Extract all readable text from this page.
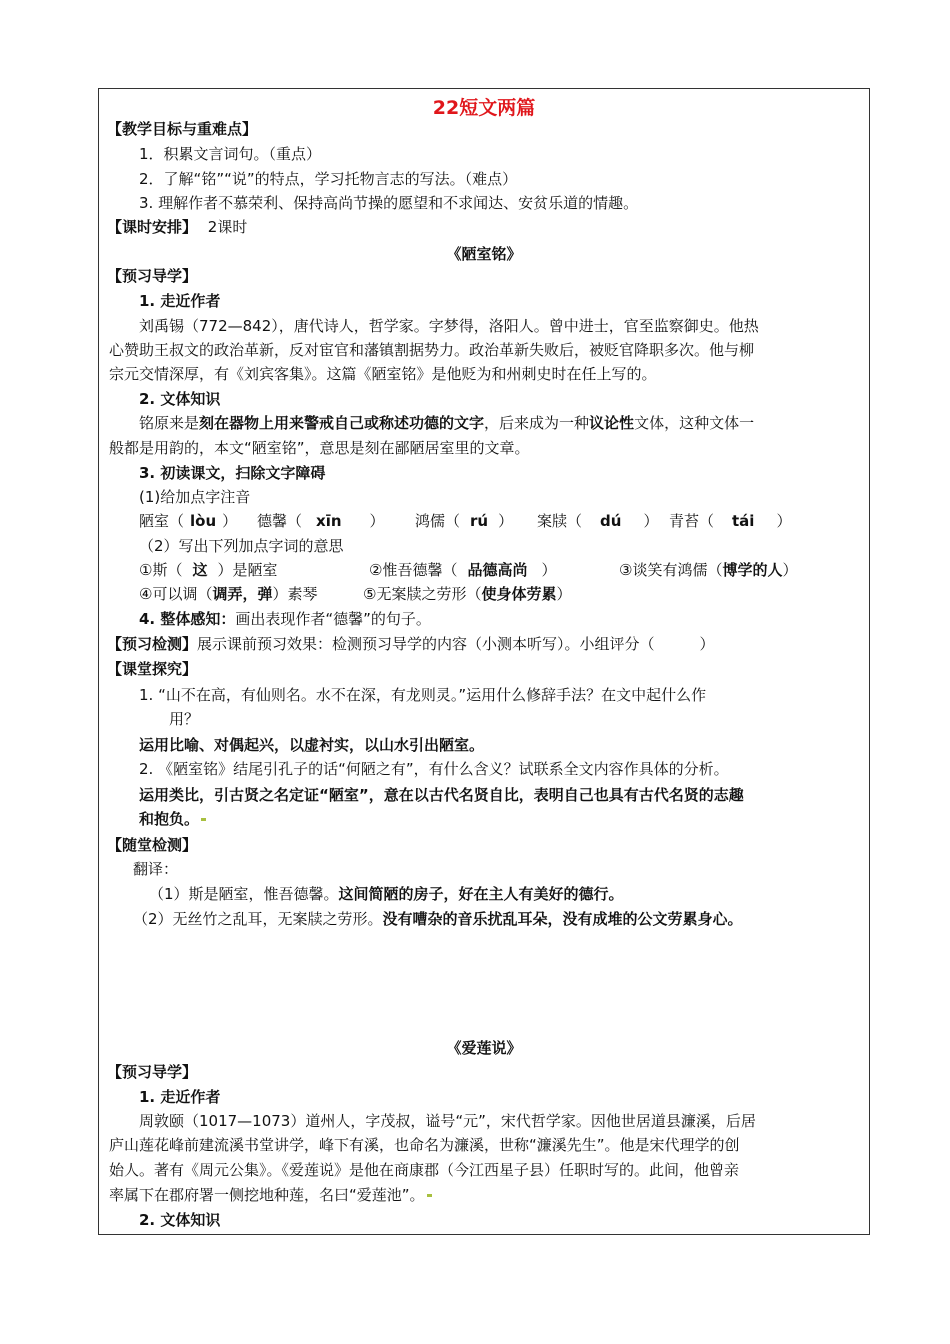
22短文两篇
【教学目标与重难点】
1．积累文言词句。（重点）
2．了解“铭”“说”的特点，学习托物言志的写法。（难点）
3. 理解作者不慕荣利、保持高尚节操的愿望和不求闻达、安贫乐道的情趣。
【课时安排】 2课时
《陋室铭》
【预习导学】
1. 走近作者
刘禹锡（772—842），唐代诗人，哲学家。字梦得，洛阳人。曾中进士，官至监察御史。他热
心赞助王叔文的政治革新，反对宦官和藩镇割据势力。政治革新失败后，被贬官降职多次。他与柳
宗元交情深厚，有《刘宾客集》。这篇《陋室铭》是他贬为和州刺史时在任上写的。
2. 文体知识
铭原来是刻在器物上用来警戒自己或称述功德的文字，后来成为一种议论性文体，这种文体一
般都是用韵的，本文“陋室铭”，意思是刻在鄙陋居室里的文章。
3. 初读课文，扫除文字障碍
(1)给加点字注音
陋室（ lòu ） 德馨（ xīn ） 鸿儒（ rú ） 案牍（ dú ） 青苔（ tái ）
（2）写出下列加点字词的意思
①斯（ 这 ）是陋室	②惟吾德馨（ 品德高尚 ）	③谈笑有鸿儒（博学的人）
④可以调（调弄，弹）素琴	⑤无案牍之劳形（使身体劳累）
4. 整体感知：画出表现作者“德馨”的句子。
【预习检测】展示课前预习效果：检测预习导学的内容（小测本听写）。小组评分（　　　）
【课堂探究】
1. “山不在高，有仙则名。水不在深，有龙则灵。”运用什么修辞手法？在文中起什么作
用？
运用比喻、对偶起兴，以虚衬实，以山水引出陋室。
2. 《陋室铭》结尾引孔子的话“何陋之有”，有什么含义？试联系全文内容作具体的分析。
运用类比，引古贤之名定证“陋室”，意在以古代名贤自比，表明自己也具有古代名贤的志趣
和抱负。
【随堂检测】
翻译：
（1）斯是陋室，惟吾德馨。这间简陋的房子，好在主人有美好的德行。
（2）无丝竹之乱耳，无案牍之劳形。没有嘈杂的音乐扰乱耳朵，没有成堆的公文劳累身心。
《爱莲说》
【预习导学】
1. 走近作者
周敦颐（1017—1073）道州人，字茂叔，谥号“元”，宋代哲学家。因他世居道县濂溪，后居
庐山莲花峰前建流溪书堂讲学，峰下有溪，也命名为濂溪，世称“濂溪先生”。他是宋代理学的创
始人。著有《周元公集》。《爱莲说》是他在商康郡（今江西星子县）任职时写的。此间，他曾亲
率属下在郡府署一侧挖地种莲，名曰“爱莲池”。
2. 文体知识
